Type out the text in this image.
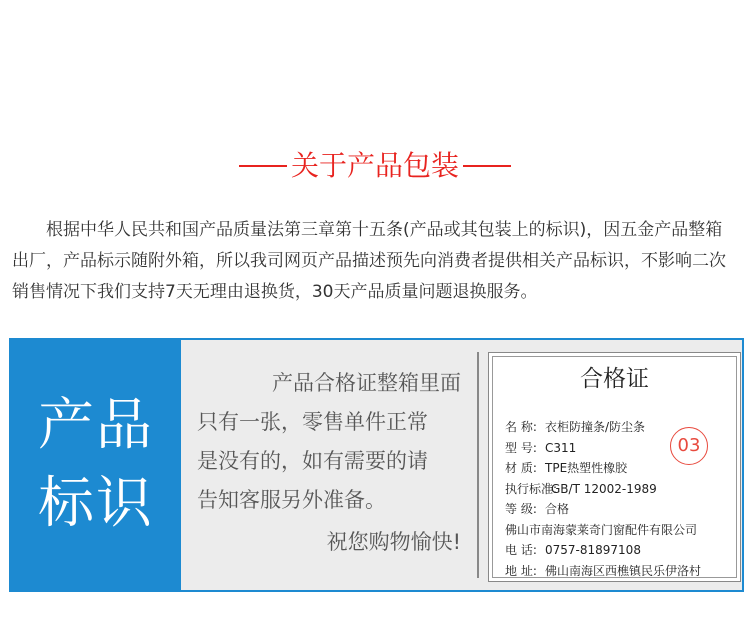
关于产品包装
根据中华人民共和国产品质量法第三章第十五条(产品或其包装上的标识)，因五金产品整箱出厂，产品标示随附外箱，所以我司网页产品描述预先向消费者提供相关产品标识，不影响二次销售情况下我们支持7天无理由退换货，30天产品质量问题退换服务。
产品
标识
产品合格证整箱里面
只有一张，零售单件正常
是没有的，如有需要的请
告知客服另外准备。
祝您购物愉快!
合格证
名 称: 衣柜防撞条/防尘条
型 号: C311
材 质: TPE热塑性橡胶
执行标准:GB/T 12002-1989
等 级: 合格
佛山市南海蒙莱奇门窗配件有限公司
电 话: 0757-81897108
地 址: 佛山南海区西樵镇民乐伊洛村
03
